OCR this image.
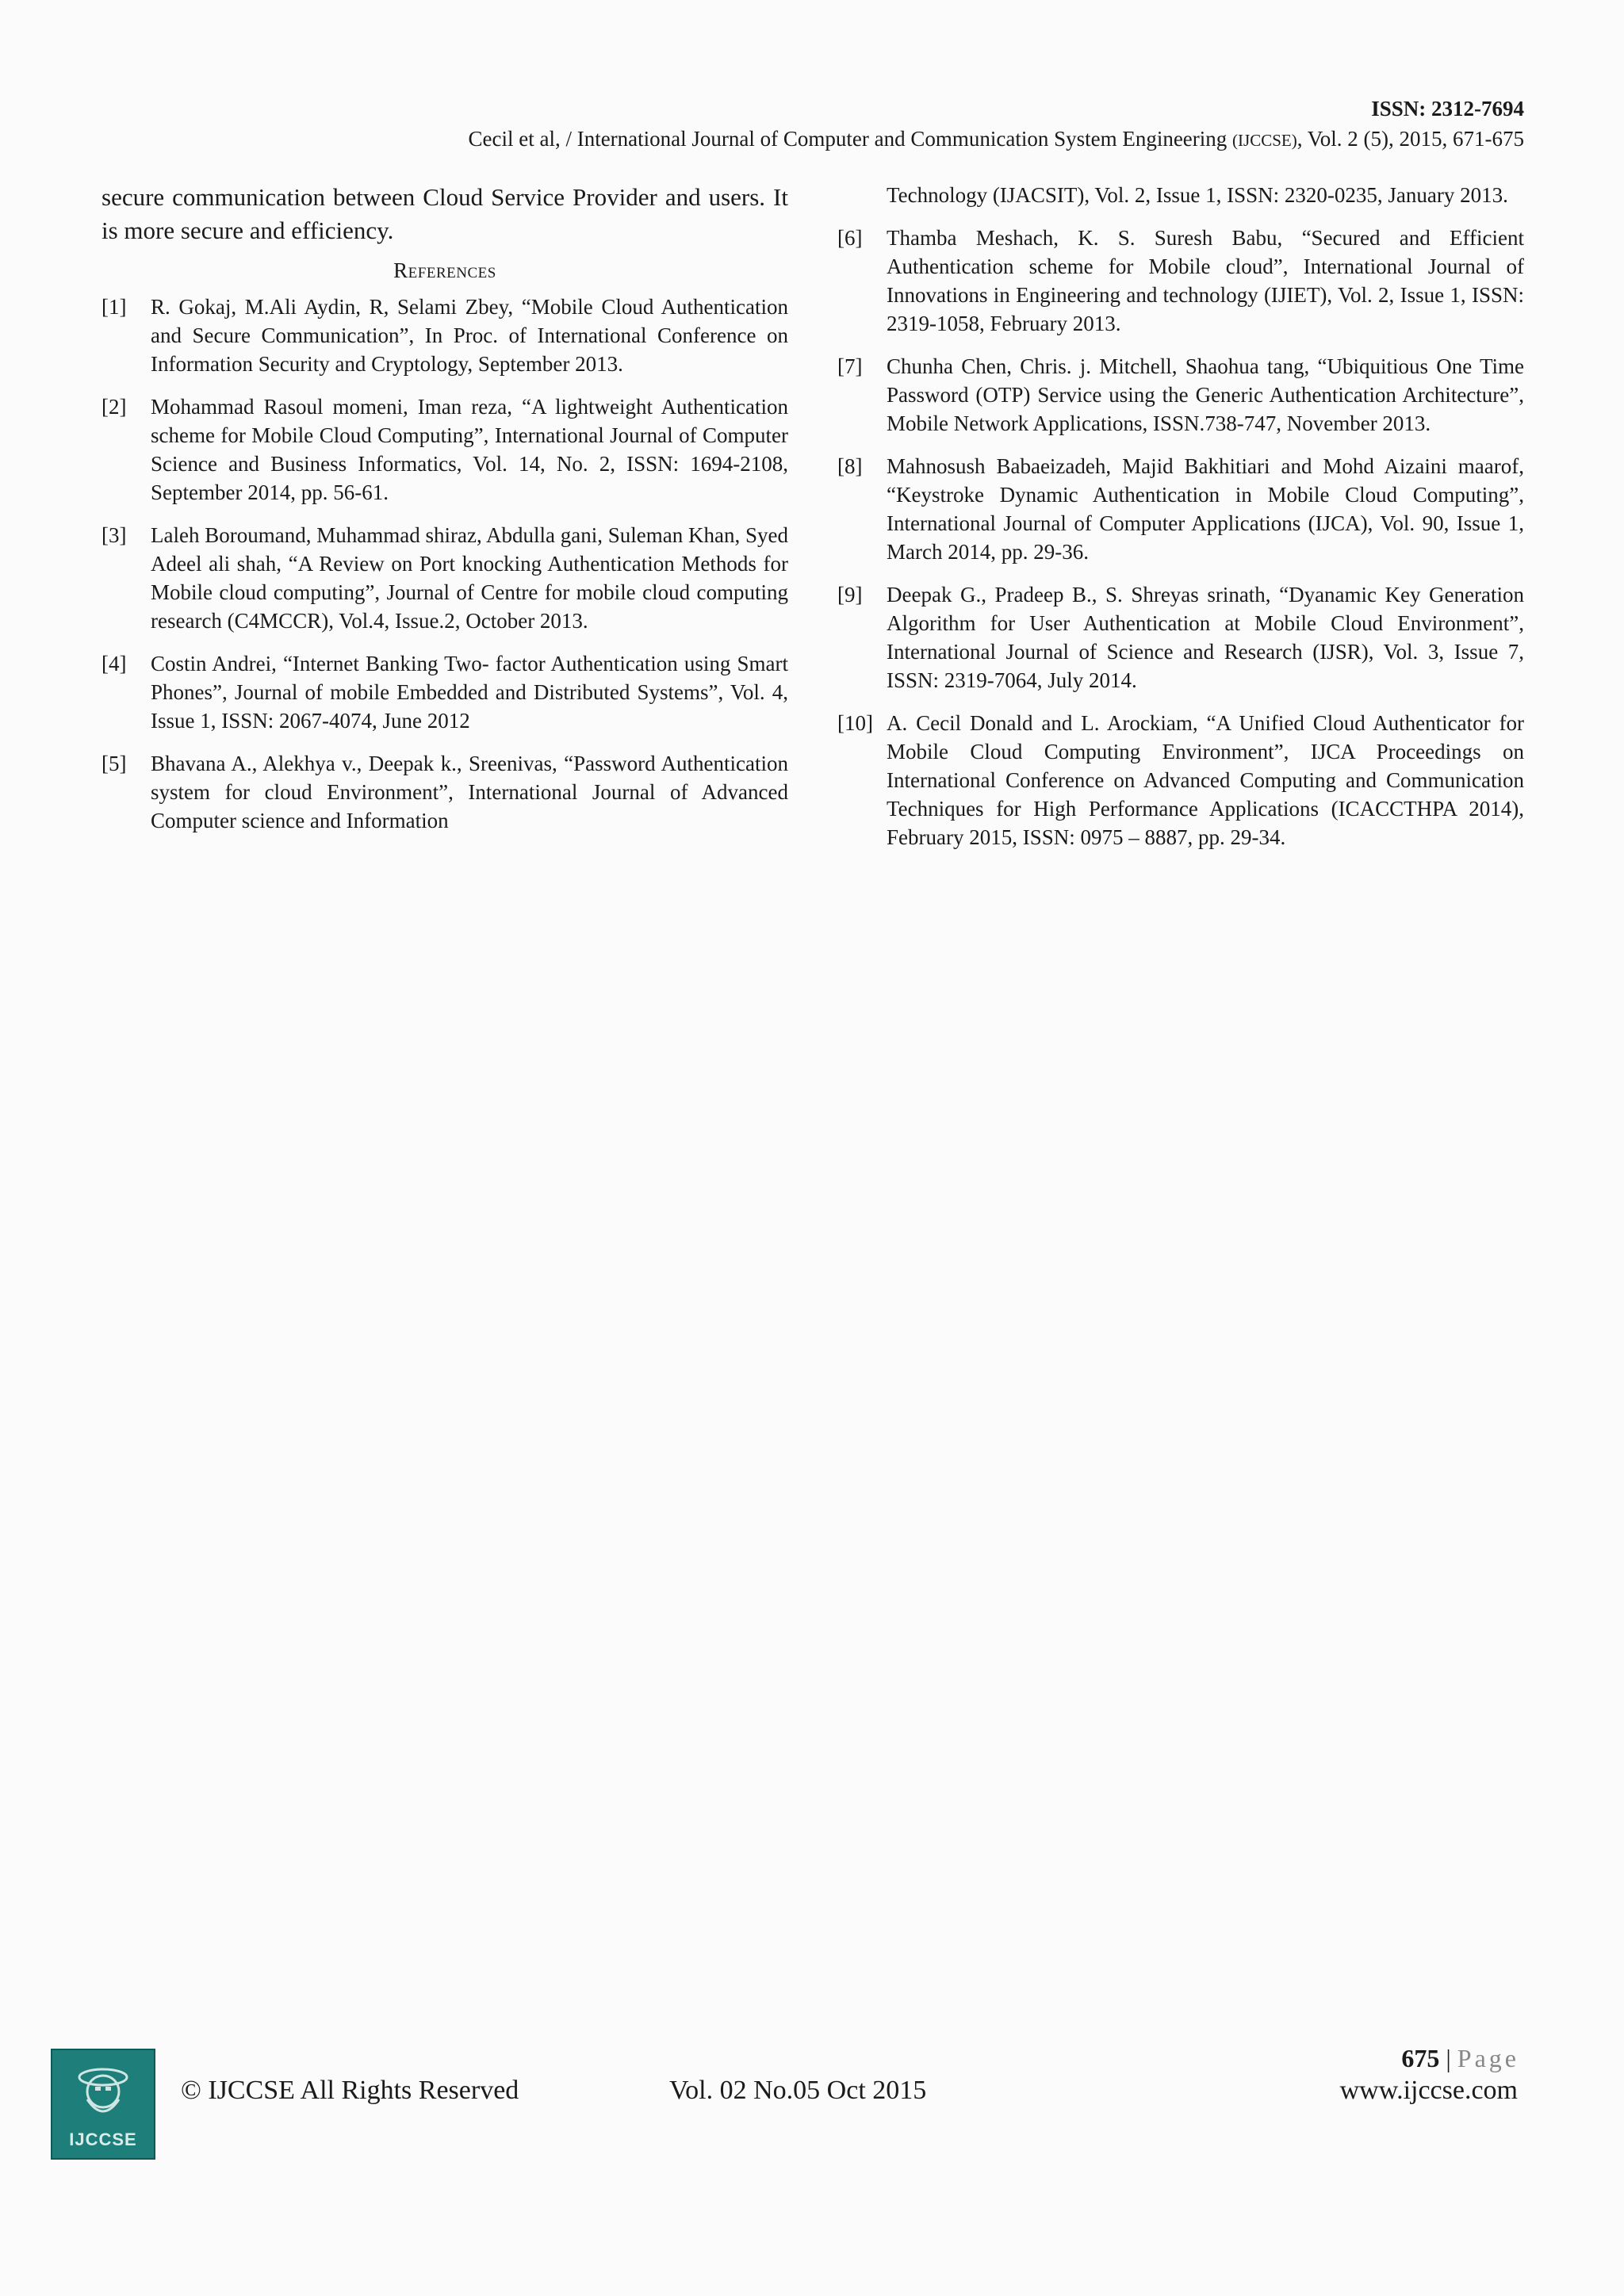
ISSN: 2312-7694
Cecil et al, / International Journal of Computer and Communication System Engineering (IJCCSE), Vol. 2 (5), 2015, 671-675

secure communication between Cloud Service Provider and users. It is more secure and efficiency.

References
[1]	R. Gokaj, M.Ali Aydin, R, Selami Zbey, “Mobile Cloud Authentication and Secure Communication”, In Proc. of International Conference on Information Security and Cryptology, September 2013.
[2]	Mohammad Rasoul momeni, Iman reza, “A lightweight Authentication scheme for Mobile Cloud Computing”, International Journal of Computer Science and Business Informatics, Vol. 14, No. 2, ISSN: 1694-2108, September 2014, pp. 56-61.
[3]	Laleh Boroumand, Muhammad shiraz, Abdulla gani, Suleman Khan, Syed Adeel ali shah, “A Review on Port knocking Authentication Methods for Mobile cloud computing”, Journal of Centre for mobile cloud computing research (C4MCCR), Vol.4, Issue.2, October 2013.
[4]	Costin Andrei, “Internet Banking Two- factor Authentication using Smart Phones”, Journal of mobile Embedded and Distributed Systems”, Vol. 4, Issue 1, ISSN: 2067-4074, June 2012
[5]	Bhavana A., Alekhya v., Deepak k., Sreenivas, “Password Authentication system for cloud Environment”, International Journal of Advanced Computer science and Information
Technology (IJACSIT), Vol. 2, Issue 1, ISSN: 2320-0235, January 2013.
[6]	Thamba Meshach, K. S. Suresh Babu, “Secured and Efficient Authentication scheme for Mobile cloud”, International Journal of Innovations in Engineering and technology (IJIET), Vol. 2, Issue 1, ISSN: 2319-1058, February 2013.
[7]	Chunha Chen, Chris. j. Mitchell, Shaohua tang, “Ubiquitious One Time Password (OTP) Service using the Generic Authentication Architecture”, Mobile Network Applications, ISSN.738-747, November 2013.
[8]	Mahnosush Babaeizadeh, Majid Bakhitiari and Mohd Aizaini maarof, “Keystroke Dynamic Authentication in Mobile Cloud Computing”, International Journal of Computer Applications (IJCA), Vol. 90, Issue 1, March 2014, pp. 29-36.
[9]	Deepak G., Pradeep B., S. Shreyas srinath, “Dyanamic Key Generation Algorithm for User Authentication at Mobile Cloud Environment”, International Journal of Science and Research (IJSR), Vol. 3, Issue 7, ISSN: 2319-7064, July 2014.
[10] A. Cecil Donald and L. Arockiam, “A Unified Cloud Authenticator for Mobile Cloud Computing Environment”, IJCA Proceedings on International Conference on Advanced Computing and Communication Techniques for High Performance Applications (ICACCTHPA 2014), February 2015, ISSN: 0975 – 8887, pp. 29-34.
IJCCSE
© IJCCSE All Rights Reserved	Vol. 02 No.05 Oct 2015
675 | Page
www.ijccse.com
